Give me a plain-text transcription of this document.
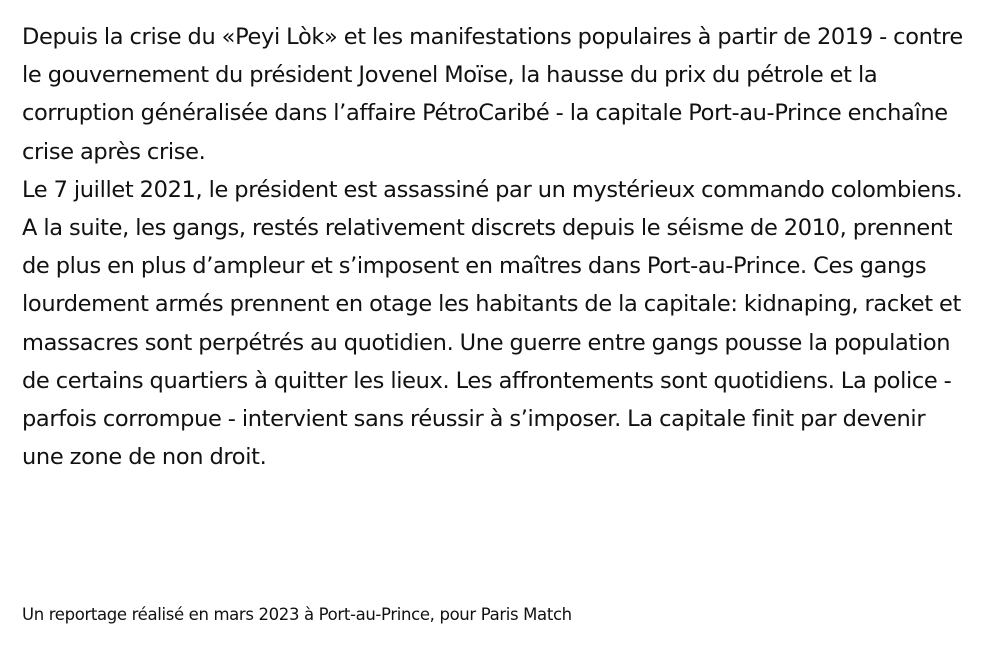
Depuis la crise du «Peyi Lòk» et les manifestations populaires à partir de 2019 - contre le gouvernement du président Jovenel Moïse, la hausse du prix du pétrole et la corruption généralisée dans l’affaire PétroCaribé - la capitale Port-au-Prince enchaîne crise après crise.

Le 7 juillet 2021, le président est assassiné par un mystérieux commando colombiens. A la suite, les gangs, restés relativement discrets depuis le séisme de 2010, prennent de plus en plus d’ampleur et s’imposent en maîtres dans Port-au-Prince. Ces gangs lourdement armés prennent en otage les habitants de la capitale: kidnaping, racket et massacres sont perpétrés au quotidien. Une guerre entre gangs pousse la population de certains quartiers à quitter les lieux. Les affrontements sont quotidiens. La police - parfois corrompue - intervient sans réussir à s’imposer. La capitale finit par devenir une zone de non droit.

Un reportage réalisé en mars 2023 à Port-au-Prince, pour Paris Match
